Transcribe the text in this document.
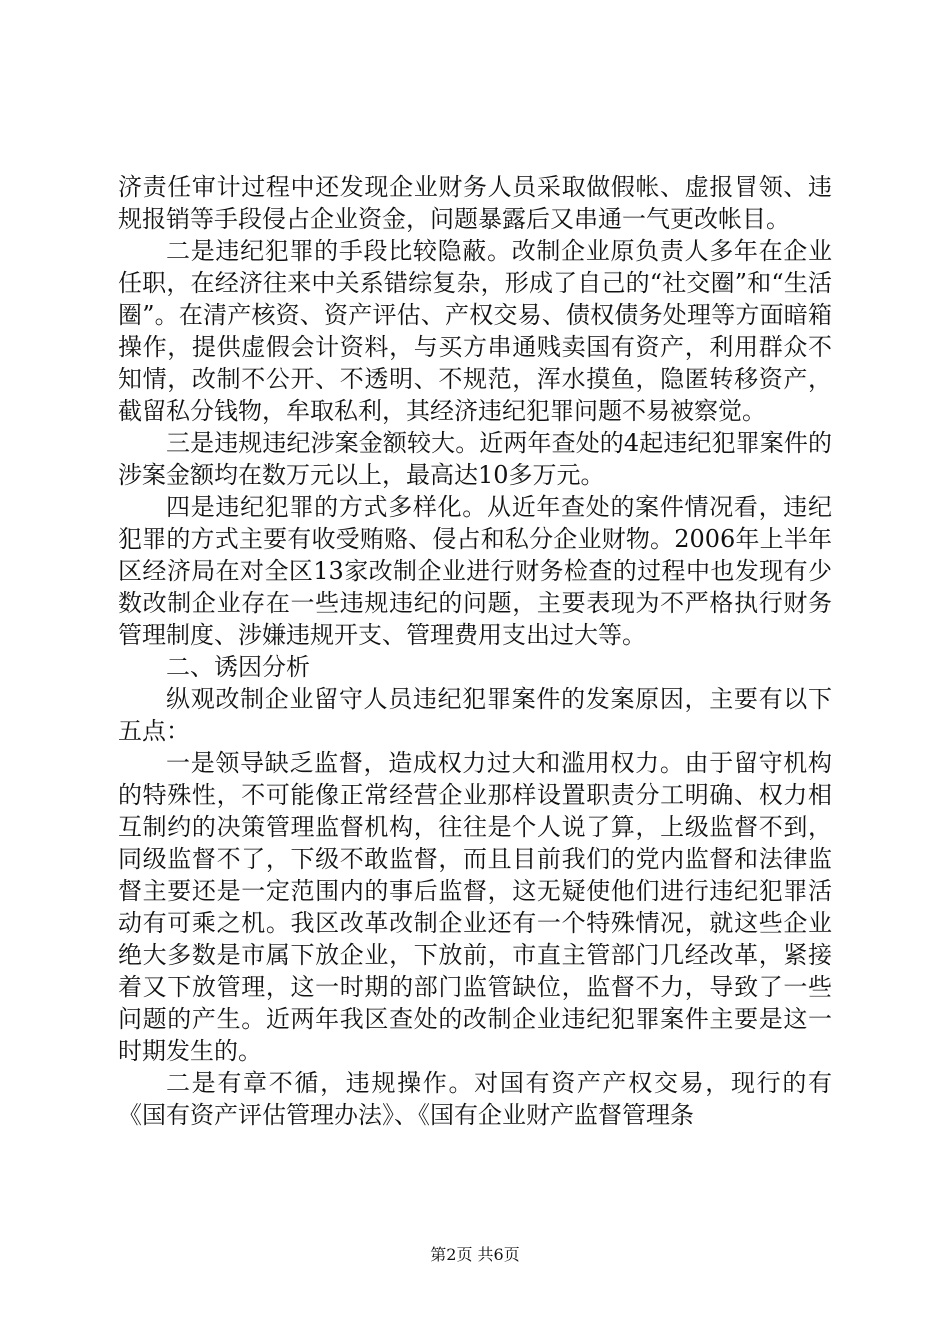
济责任审计过程中还发现企业财务人员采取做假帐、虚报冒领、违规报销等手段侵占企业资金，问题暴露后又串通一气更改帐目。

二是违纪犯罪的手段比较隐蔽。改制企业原负责人多年在企业任职，在经济往来中关系错综复杂，形成了自己的“社交圈”和“生活圈”。在清产核资、资产评估、产权交易、债权债务处理等方面暗箱操作，提供虚假会计资料，与买方串通贱卖国有资产，利用群众不知情，改制不公开、不透明、不规范，浑水摸鱼，隐匿转移资产，截留私分钱物，牟取私利，其经济违纪犯罪问题不易被察觉。

三是违规违纪涉案金额较大。近两年查处的4起违纪犯罪案件的涉案金额均在数万元以上，最高达10多万元。

四是违纪犯罪的方式多样化。从近年查处的案件情况看，违纪犯罪的方式主要有收受贿赂、侵占和私分企业财物。2006年上半年区经济局在对全区13家改制企业进行财务检查的过程中也发现有少数改制企业存在一些违规违纪的问题，主要表现为不严格执行财务管理制度、涉嫌违规开支、管理费用支出过大等。

二、诱因分析

纵观改制企业留守人员违纪犯罪案件的发案原因，主要有以下五点：

一是领导缺乏监督，造成权力过大和滥用权力。由于留守机构的特殊性，不可能像正常经营企业那样设置职责分工明确、权力相互制约的决策管理监督机构，往往是个人说了算，上级监督不到，同级监督不了，下级不敢监督，而且目前我们的党内监督和法律监督主要还是一定范围内的事后监督，这无疑使他们进行违纪犯罪活动有可乘之机。我区改革改制企业还有一个特殊情况，就这些企业绝大多数是市属下放企业，下放前，市直主管部门几经改革，紧接着又下放管理，这一时期的部门监管缺位，监督不力，导致了一些问题的产生。近两年我区查处的改制企业违纪犯罪案件主要是这一时期发生的。

二是有章不循，违规操作。对国有资产产权交易，现行的有《国有资产评估管理办法》、《国有企业财产监督管理条

第2页 共6页
